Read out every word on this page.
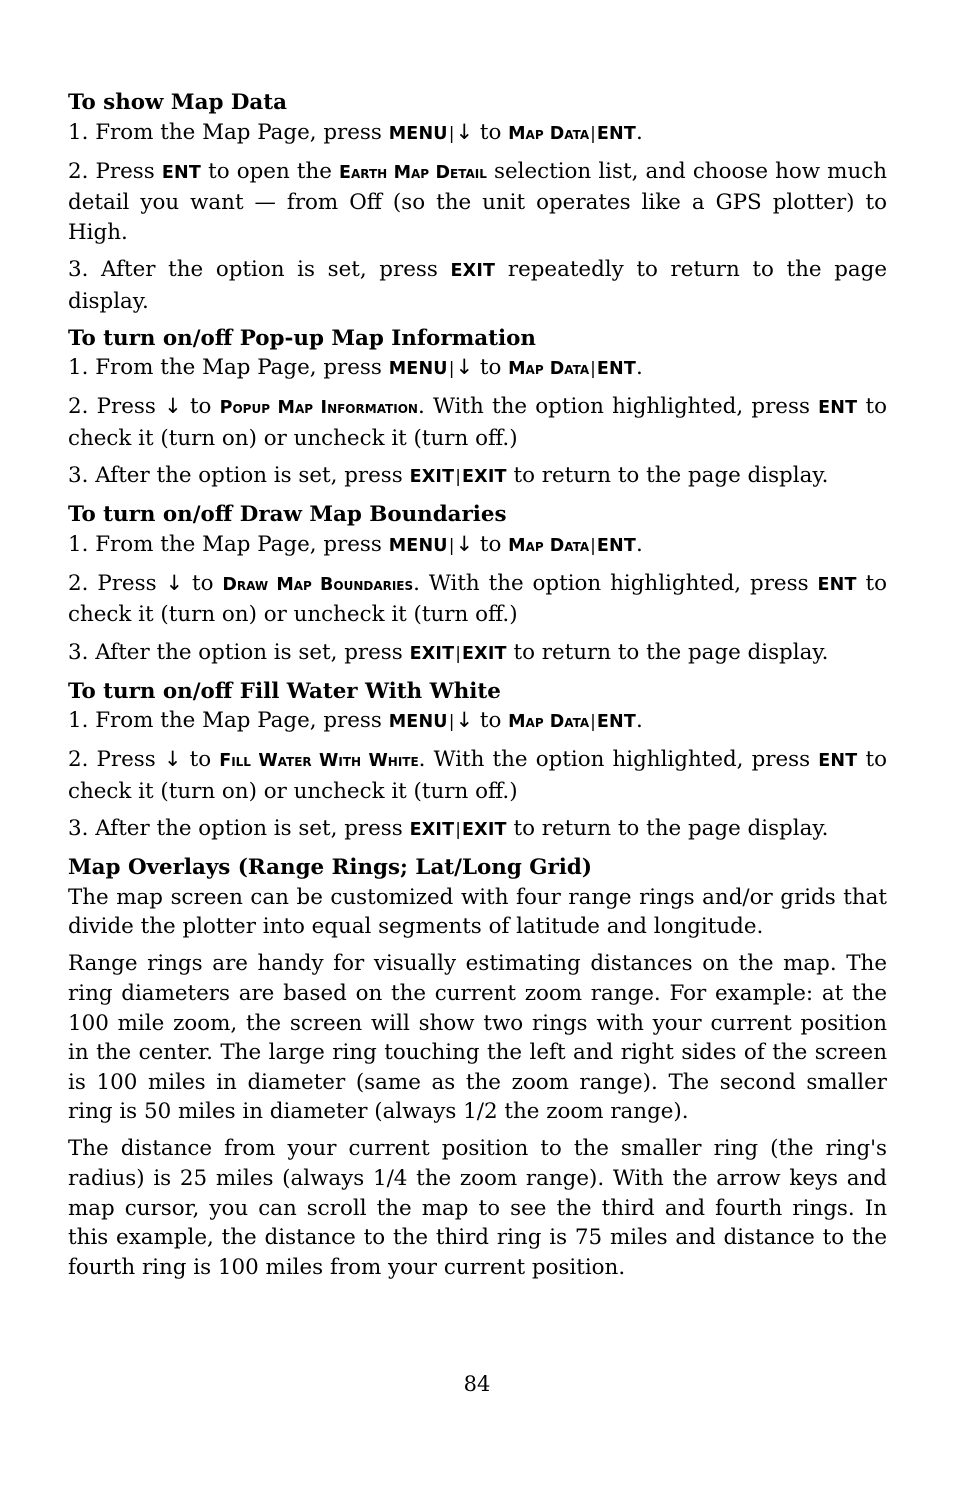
To show Map Data

1. From the Map Page, press MENU|↓ to Map Data|ENT.

2. Press ENT to open the Earth Map Detail selection list, and choose how much detail you want — from Off (so the unit operates like a GPS plotter) to High.

3. After the option is set, press EXIT repeatedly to return to the page display.

To turn on/off Pop-up Map Information

1. From the Map Page, press MENU|↓ to Map Data|ENT.

2. Press ↓ to Popup Map Information. With the option highlighted, press ENT to check it (turn on) or uncheck it (turn off.)

3. After the option is set, press EXIT|EXIT to return to the page display.

To turn on/off Draw Map Boundaries

1. From the Map Page, press MENU|↓ to Map Data|ENT.

2. Press ↓ to Draw Map Boundaries. With the option highlighted, press ENT to check it (turn on) or uncheck it (turn off.)

3. After the option is set, press EXIT|EXIT to return to the page display.

To turn on/off Fill Water With White

1. From the Map Page, press MENU|↓ to Map Data|ENT.

2. Press ↓ to Fill Water With White. With the option highlighted, press ENT to check it (turn on) or uncheck it (turn off.)

3. After the option is set, press EXIT|EXIT to return to the page display.

Map Overlays (Range Rings; Lat/Long Grid)

The map screen can be customized with four range rings and/or grids that divide the plotter into equal segments of latitude and longitude.

Range rings are handy for visually estimating distances on the map. The ring diameters are based on the current zoom range. For example: at the 100 mile zoom, the screen will show two rings with your current position in the center. The large ring touching the left and right sides of the screen is 100 miles in diameter (same as the zoom range). The second smaller ring is 50 miles in diameter (always 1/2 the zoom range).

The distance from your current position to the smaller ring (the ring's radius) is 25 miles (always 1/4 the zoom range). With the arrow keys and map cursor, you can scroll the map to see the third and fourth rings. In this example, the distance to the third ring is 75 miles and distance to the fourth ring is 100 miles from your current position.

84
